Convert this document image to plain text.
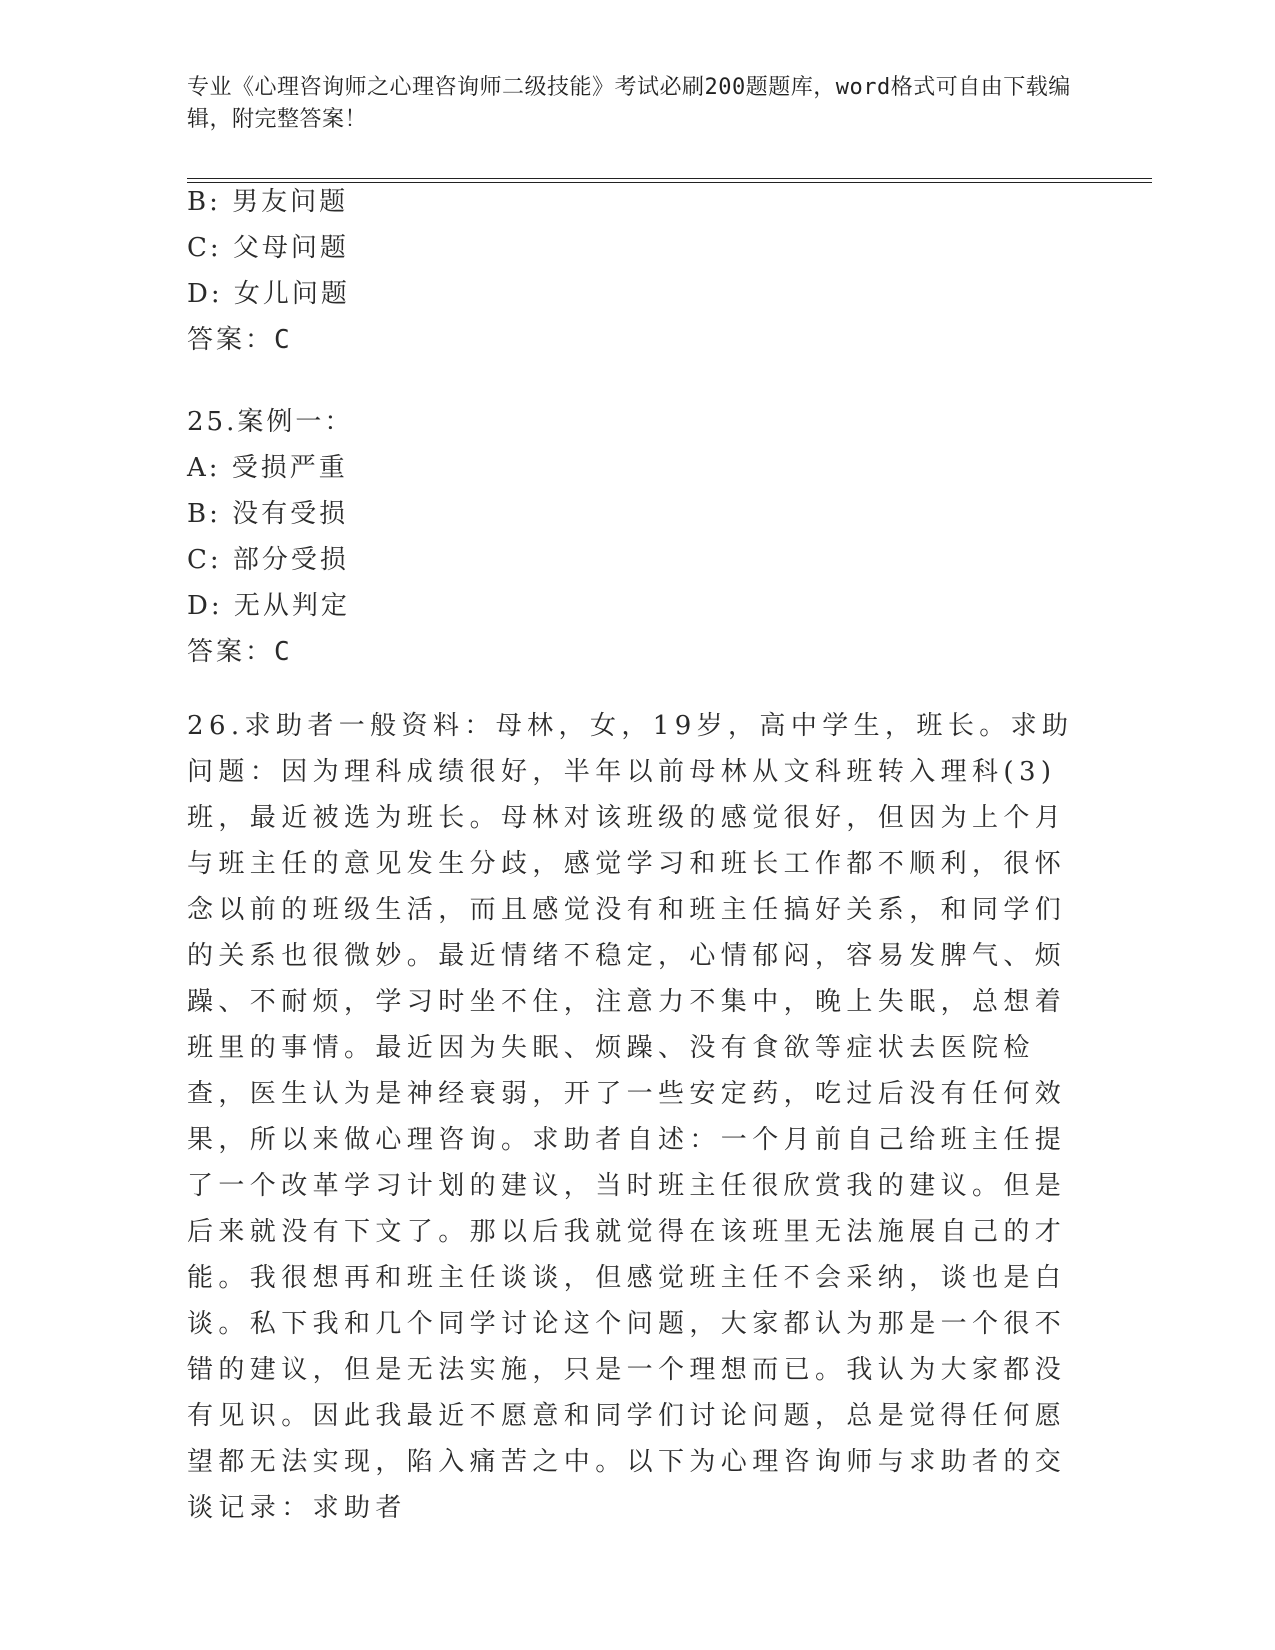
专业《心理咨询师之心理咨询师二级技能》考试必刷200题题库，word格式可自由下载编辑，附完整答案！
B: 男友问题
C: 父母问题
D: 女儿问题
答案：C
25.案例一：
A: 受损严重
B: 没有受损
C: 部分受损
D: 无从判定
答案：C
26.求助者一般资料：母林，女，19岁，高中学生，班长。求助问题：因为理科成绩很好，半年以前母林从文科班转入理科(3)班，最近被选为班长。母林对该班级的感觉很好，但因为上个月与班主任的意见发生分歧，感觉学习和班长工作都不顺利，很怀念以前的班级生活，而且感觉没有和班主任搞好关系，和同学们的关系也很微妙。最近情绪不稳定，心情郁闷，容易发脾气、烦躁、不耐烦，学习时坐不住，注意力不集中，晚上失眠，总想着班里的事情。最近因为失眠、烦躁、没有食欲等症状去医院检查，医生认为是神经衰弱，开了一些安定药，吃过后没有任何效果，所以来做心理咨询。求助者自述：一个月前自己给班主任提了一个改革学习计划的建议，当时班主任很欣赏我的建议。但是后来就没有下文了。那以后我就觉得在该班里无法施展自己的才能。我很想再和班主任谈谈，但感觉班主任不会采纳，谈也是白谈。私下我和几个同学讨论这个问题，大家都认为那是一个很不错的建议，但是无法实施，只是一个理想而已。我认为大家都没有见识。因此我最近不愿意和同学们讨论问题，总是觉得任何愿望都无法实现，陷入痛苦之中。以下为心理咨询师与求助者的交谈记录：求助者
